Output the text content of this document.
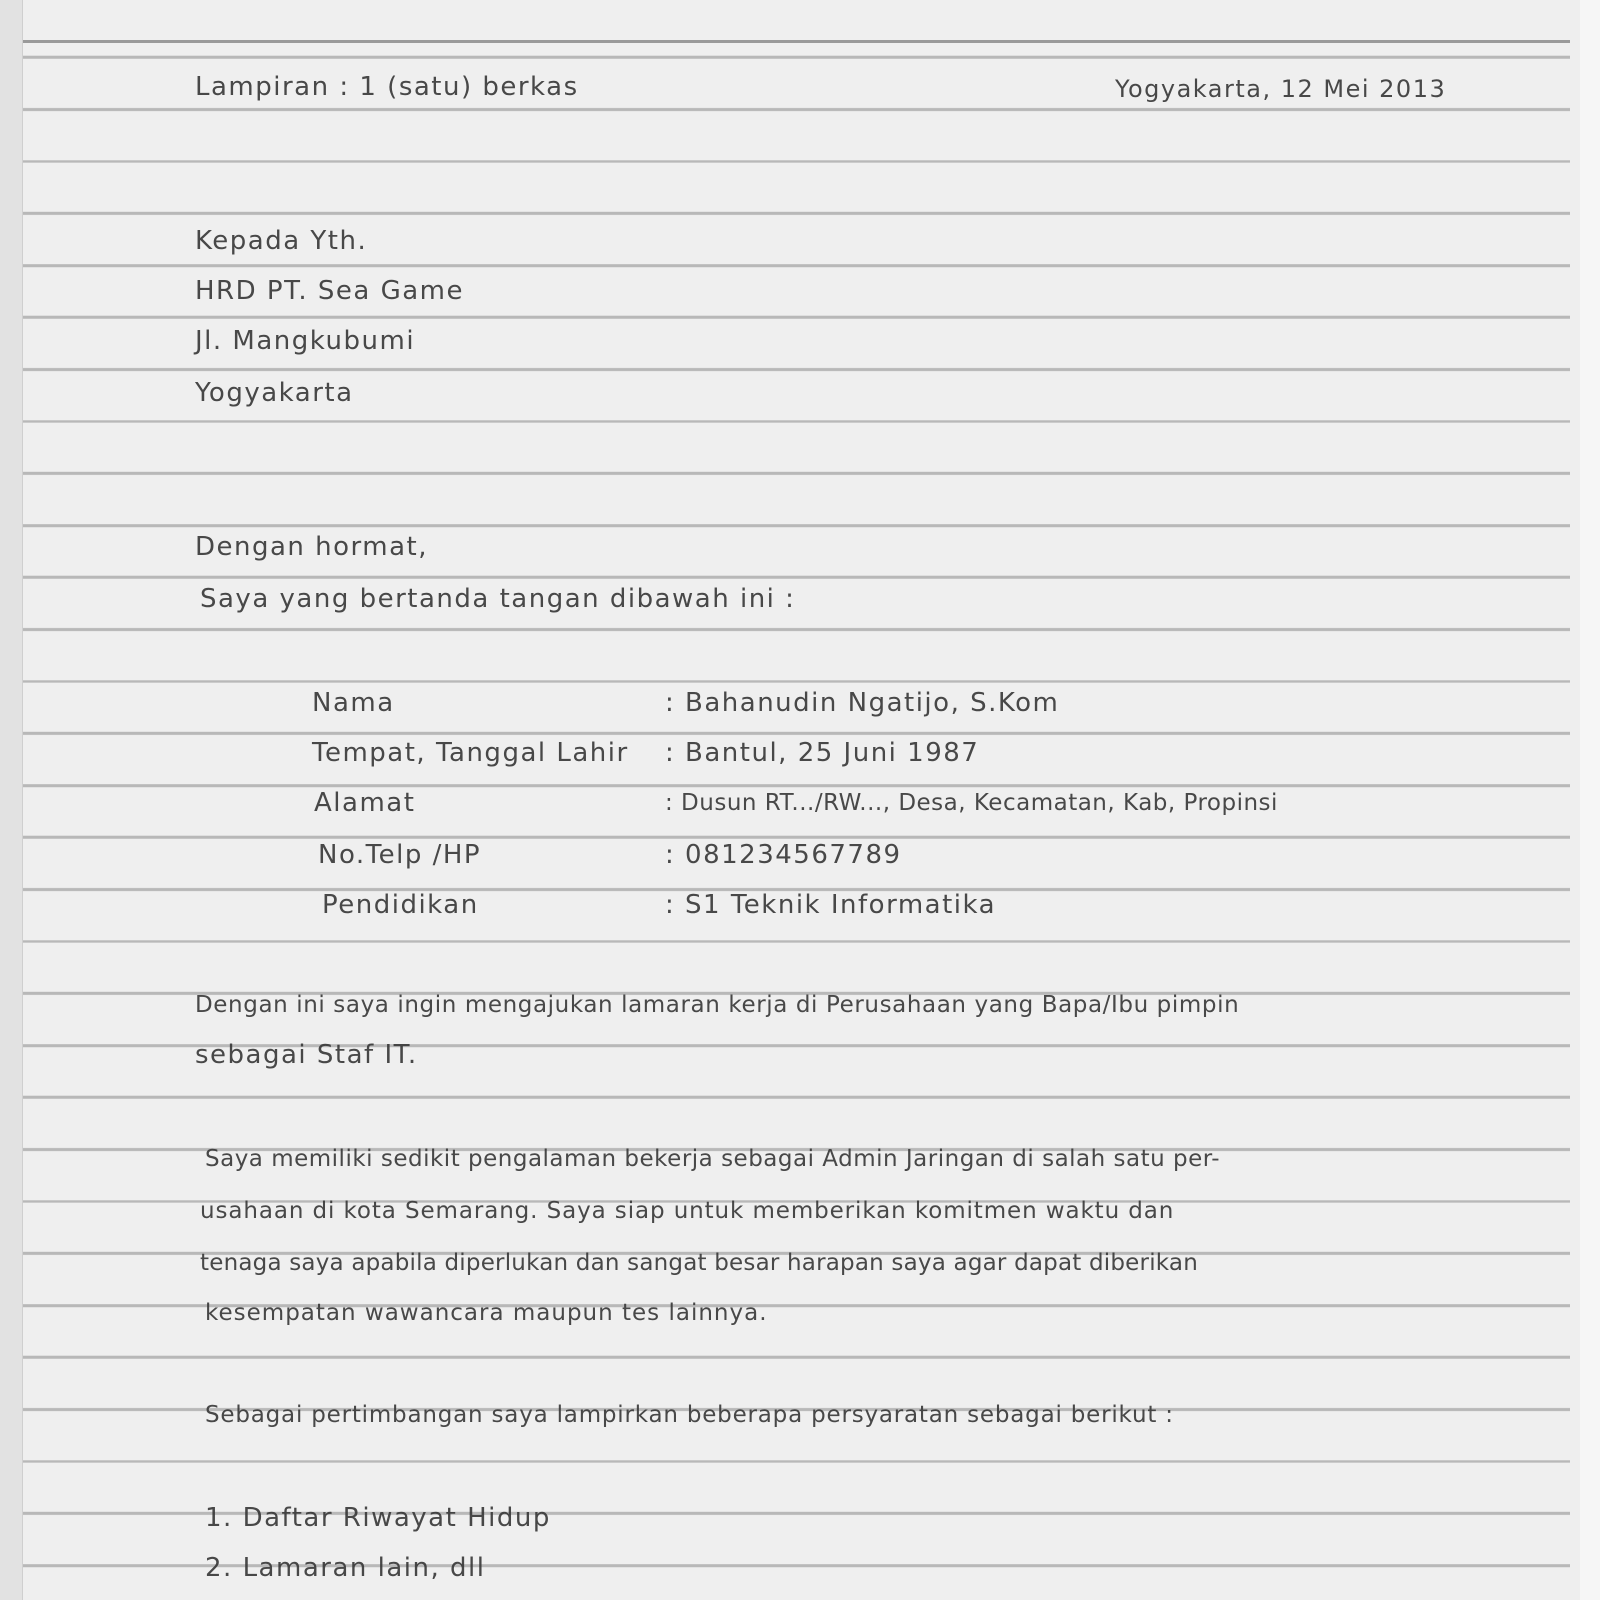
Lampiran : 1 (satu) berkas	Yogyakarta, 12 Mei 2013
Kepada Yth.
HRD PT. Sea Game
Jl. Mangkubumi
Yogyakarta
Dengan hormat,
Saya yang bertanda tangan dibawah ini :
Nama	: Bahanudin Ngatijo, S.Kom
Tempat, Tanggal Lahir : Bantul, 25 Juni 1987
Alamat	: Dusun RT.../RW..., Desa, Kecamatan, Kab, Propinsi
No.Telp /HP	: 081234567789
Pendidikan	: S1 Teknik Informatika
Dengan ini saya ingin mengajukan lamaran kerja di Perusahaan yang Bapa/Ibu pimpin
sebagai Staf IT.
Saya memiliki sedikit pengalaman bekerja sebagai Admin Jaringan di salah satu per-
usahaan di kota Semarang. Saya siap untuk memberikan komitmen waktu dan
tenaga saya apabila diperlukan dan sangat besar harapan saya agar dapat diberikan
kesempatan wawancara maupun tes lainnya.
Sebagai pertimbangan saya lampirkan beberapa persyaratan sebagai berikut :
1. Daftar Riwayat Hidup
2. Lamaran lain, dll
